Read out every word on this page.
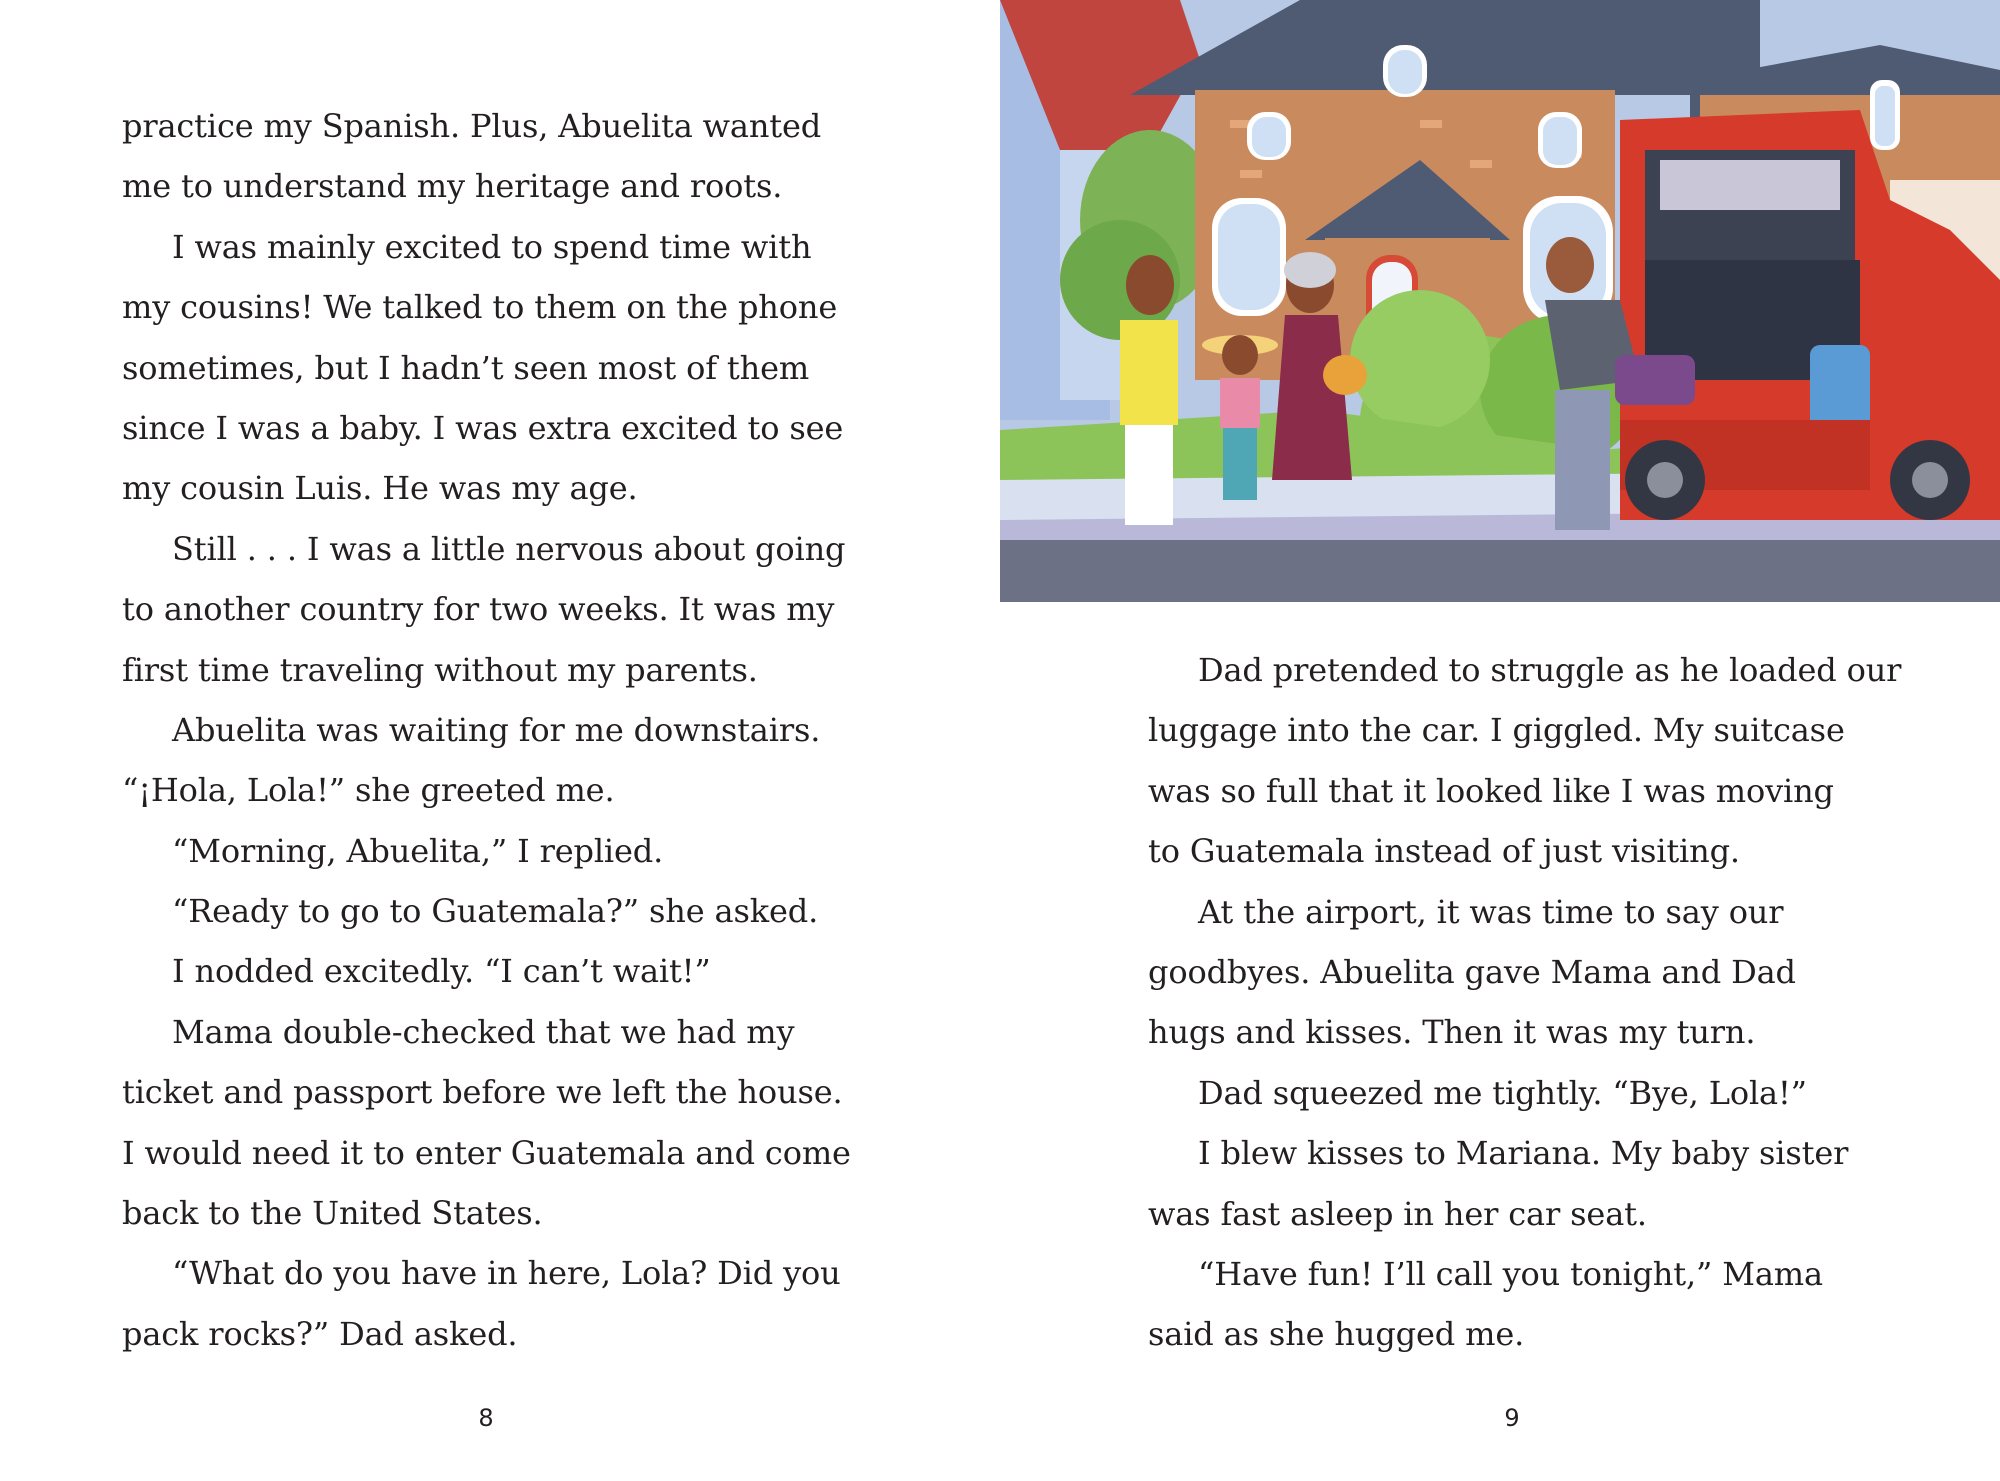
practice my Spanish. Plus, Abuelita wanted
me to understand my heritage and roots.
I was mainly excited to spend time with
my cousins! We talked to them on the phone
sometimes, but I hadn’t seen most of them
since I was a baby. I was extra excited to see
my cousin Luis. He was my age.
Still . . . I was a little nervous about going
to another country for two weeks. It was my
first time traveling without my parents.
Abuelita was waiting for me downstairs.
“¡Hola, Lola!” she greeted me.
“Morning, Abuelita,” I replied.
“Ready to go to Guatemala?” she asked.
I nodded excitedly. “I can’t wait!”
Mama double-checked that we had my
ticket and passport before we left the house.
I would need it to enter Guatemala and come
back to the United States.
“What do you have in here, Lola? Did you
pack rocks?” Dad asked.
8
Dad pretended to struggle as he loaded our
luggage into the car. I giggled. My suitcase
was so full that it looked like I was moving
to Guatemala instead of just visiting.
At the airport, it was time to say our
goodbyes. Abuelita gave Mama and Dad
hugs and kisses. Then it was my turn.
Dad squeezed me tightly. “Bye, Lola!”
I blew kisses to Mariana. My baby sister
was fast asleep in her car seat.
“Have fun! I’ll call you tonight,” Mama
said as she hugged me.
9
